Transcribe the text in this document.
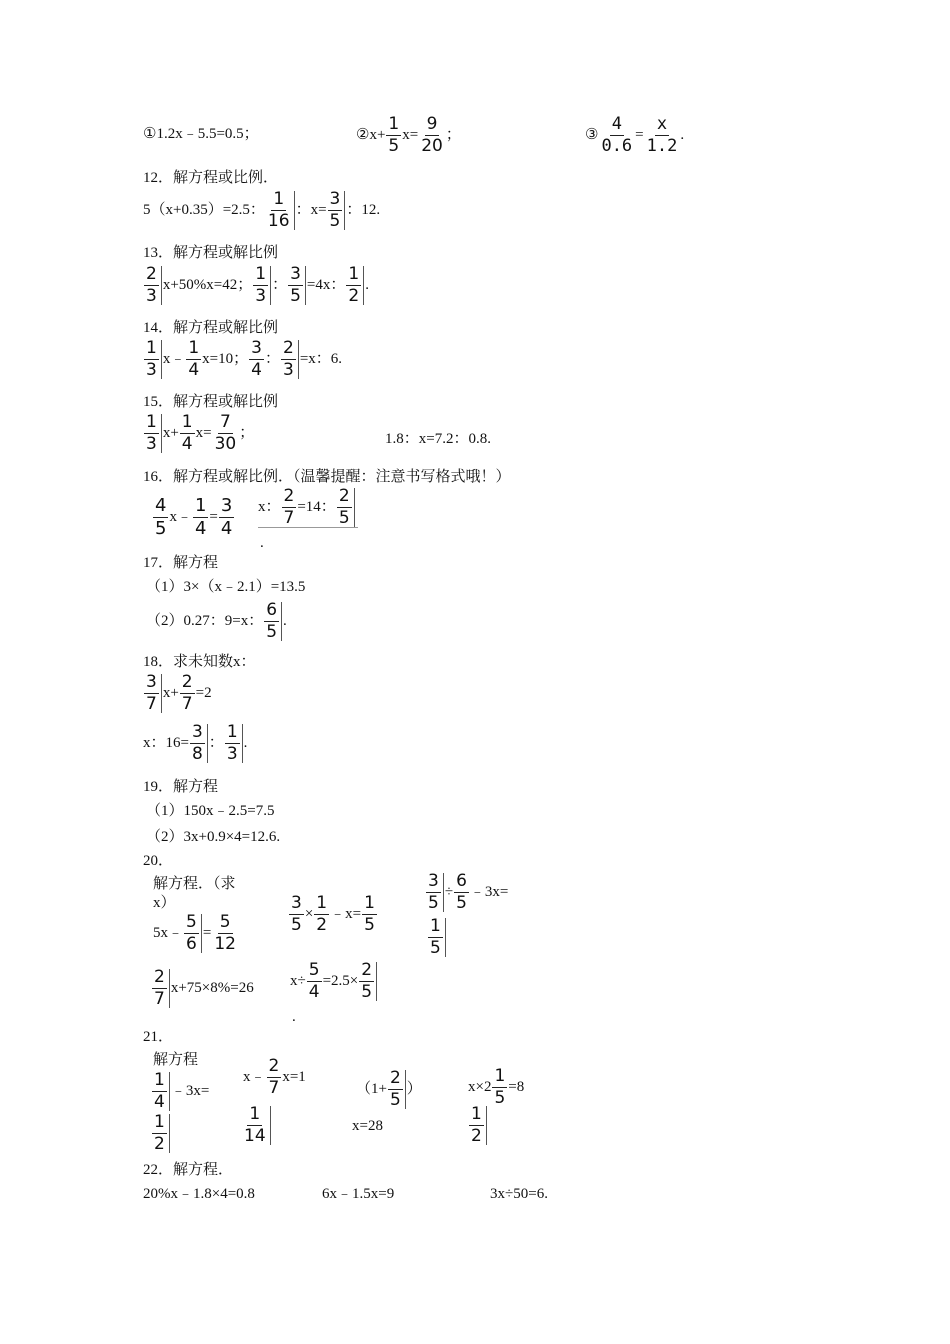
①1.2x﹣5.5=0.5；	②x+ $\frac{1}{5} x= \frac{9}{20}$ ；	③ $\frac{4}{0.6} = \frac{x}{1.2}$ .
12．解方程或比例．
5（x+0.35）=2.5： $\frac{1}{16}$ ：$x= \frac{3}{5}$ ：12.
13．解方程或解比例
$\frac{2}{3} x+50\%x=42$； $\frac{1}{3}$ ： $\frac{3}{5} =4x$： $\frac{1}{2}$ .
14．解方程或解比例
$\frac{1}{3}$ x﹣ $\frac{1}{4} x=10$； $\frac{3}{4}$ ： $\frac{2}{3} =x$：6.
15．解方程或解比例
$\frac{1}{3} x+ \frac{1}{4} x= \frac{7}{30}$ ；	1.8：x=7.2：0.8.
16．解方程或解比例．（温馨提醒：注意书写格式哦！）
$\frac{4}{5}$ x﹣ $\frac{1}{4} = \frac{3}{4}$ x： $\frac{2}{7} =14$： $\frac{2}{5}$
.
17．解方程
（1）3×（x﹣2.1）=13.5
（2）0.27：9=x： $\frac{6}{5}$ .
18．求未知数x：
$\frac{3}{7} x+ \frac{2}{7} =2$
x：$16= \frac{3}{8}$ ： $\frac{1}{3}$ .
19．解方程
（1）150x﹣2.5=7.5
（2）3x+0.9×4=12.6.
20．
解方程．（求
x）
5x﹣ $\frac{5}{6} = \frac{5}{12}$	$\frac{3}{5} \times \frac{1}{2}$ ﹣x= $\frac{1}{5}$
$\frac{3}{5} \div \frac{6}{5}$ ﹣3x=
$\frac{1}{5}$
$\frac{2}{7} x+75\times 8\%=26$ $x\div \frac{5}{4} =2.5\times \frac{2}{5}$
.
21．
解方程
$\frac{1}{4}$ ﹣3x=
$\frac{1}{2}$
x﹣ $\frac{2}{7} x=1$
$\frac{1}{14}$
（$1+ \frac{2}{5}$ ）
x=28
$x\times 2 \frac{1}{5} =8$
$\frac{1}{2}$
22．解方程．
20%x﹣1.8×4=0.8	6x﹣1.5x=9	3x÷50=6.
